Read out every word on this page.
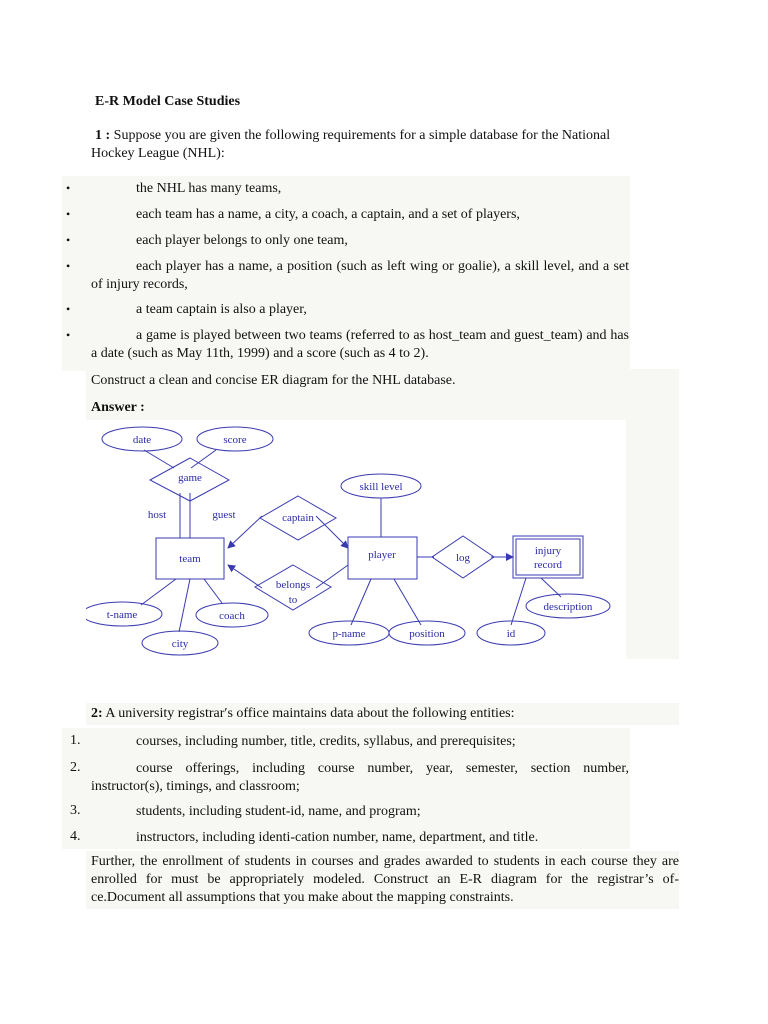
E-R Model Case Studies
1 : Suppose you are given the following requirements for a simple database for the National Hockey League (NHL):
•	the NHL has many teams,
•	each team has a name, a city, a coach, a captain, and a set of players,
•	each player belongs to only one team,
•	each player has a name, a position (such as left wing or goalie), a skill level, and a set of injury records,
•	a team captain is also a player,
•	a game is played between two teams (referred to as host_team and guest_team) and has a date (such as May 11th, 1999) and a score (such as 4 to 2).
Construct a clean and concise ER diagram for the NHL database.
Answer :
date	score
skill level
description
t-name	coach
city
p-name	position	id
game
captain
belongs
to
log
team	player	injury
record
host	guest
2: A university registrar′s office maintains data about the following entities:
1.	courses, including number, title, credits, syllabus, and prerequisites;
2.	course offerings, including course number, year, semester, section number, instructor(s), timings, and classroom;
3.	students, including student-id, name, and program;
4.	instructors, including identi-cation number, name, department, and title.
Further, the enrollment of students in courses and grades awarded to students in each course they are enrolled for must be appropriately modeled. Construct an E-R diagram for the registrar’s of-ce.Document all assumptions that you make about the mapping constraints.
